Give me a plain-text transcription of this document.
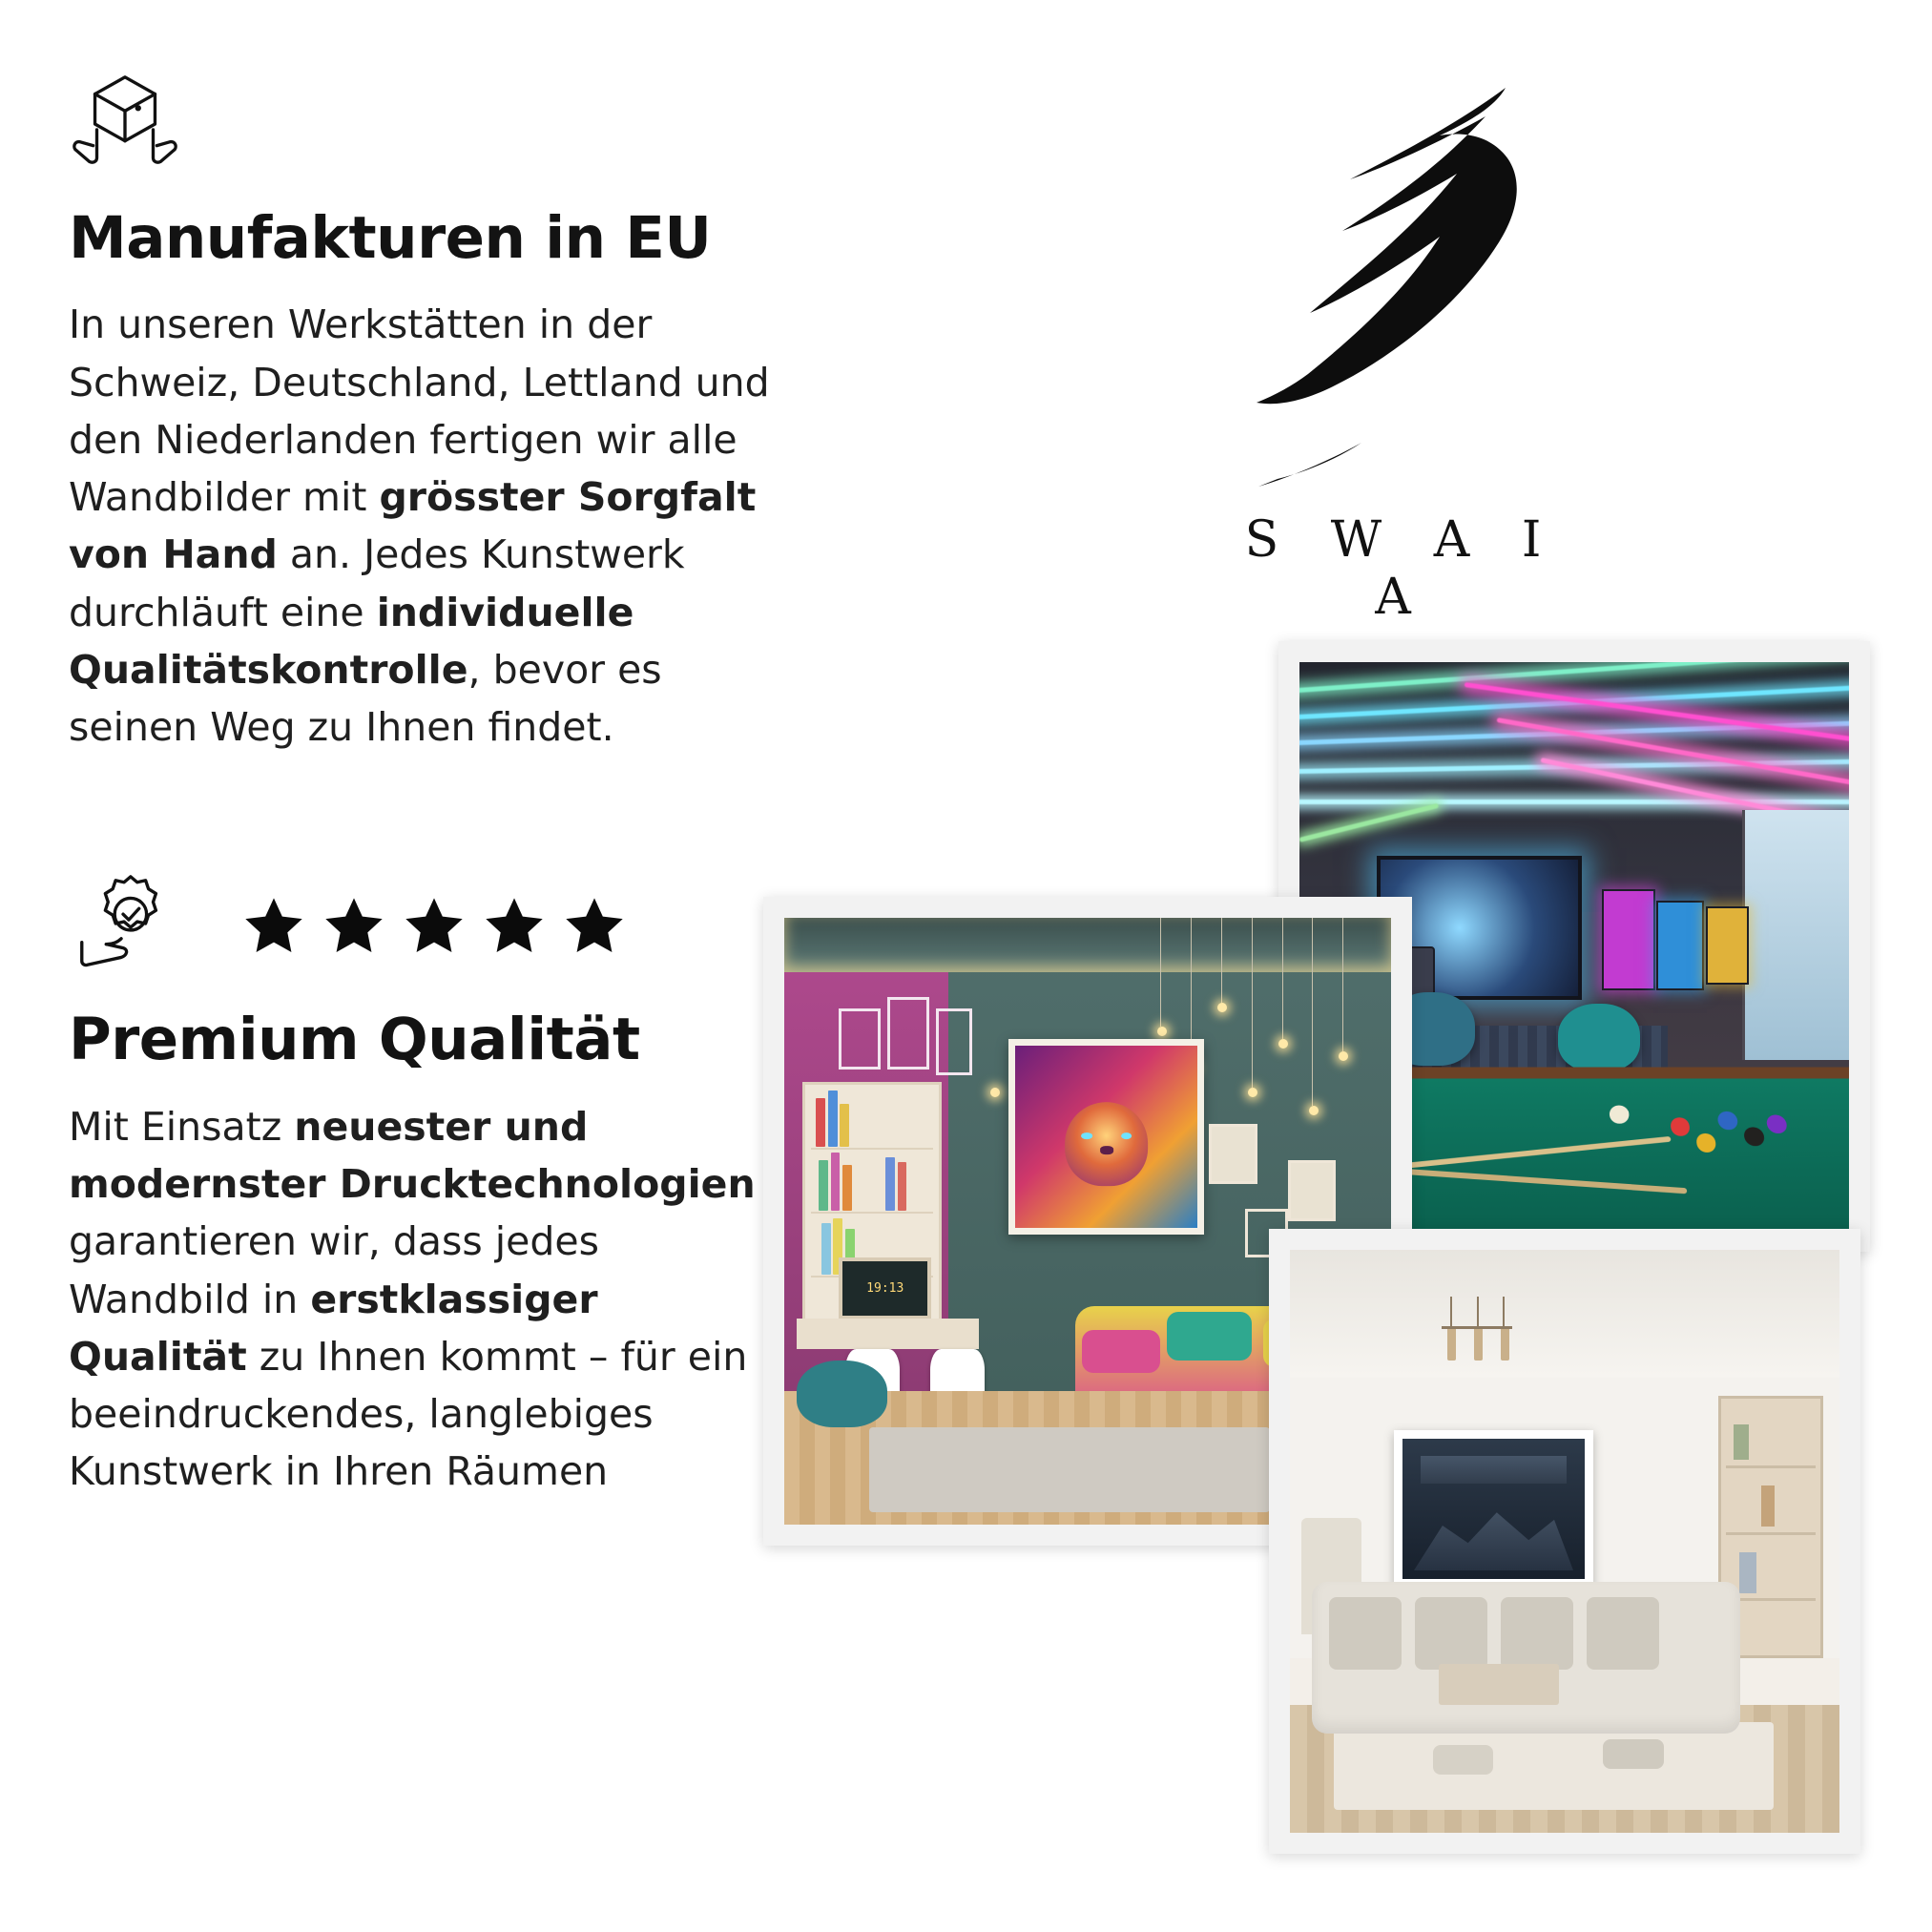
Manufakturen in EU
In unseren Werkstätten in der Schweiz, Deutschland, Lettland und den Niederlanden fertigen wir alle Wandbilder mit grösster Sorgfalt von Hand an. Jedes Kunstwerk durchläuft eine individuelle Qualitätskontrolle, bevor es seinen Weg zu Ihnen findet.
Premium Qualität
Mit Einsatz neuester und modernster Drucktechnologien garantieren wir, dass jedes Wandbild in erstklassiger Qualität zu Ihnen kommt – für ein beeindruckendes, langlebiges Kunstwerk in Ihren Räumen
S W A I A
19:13
